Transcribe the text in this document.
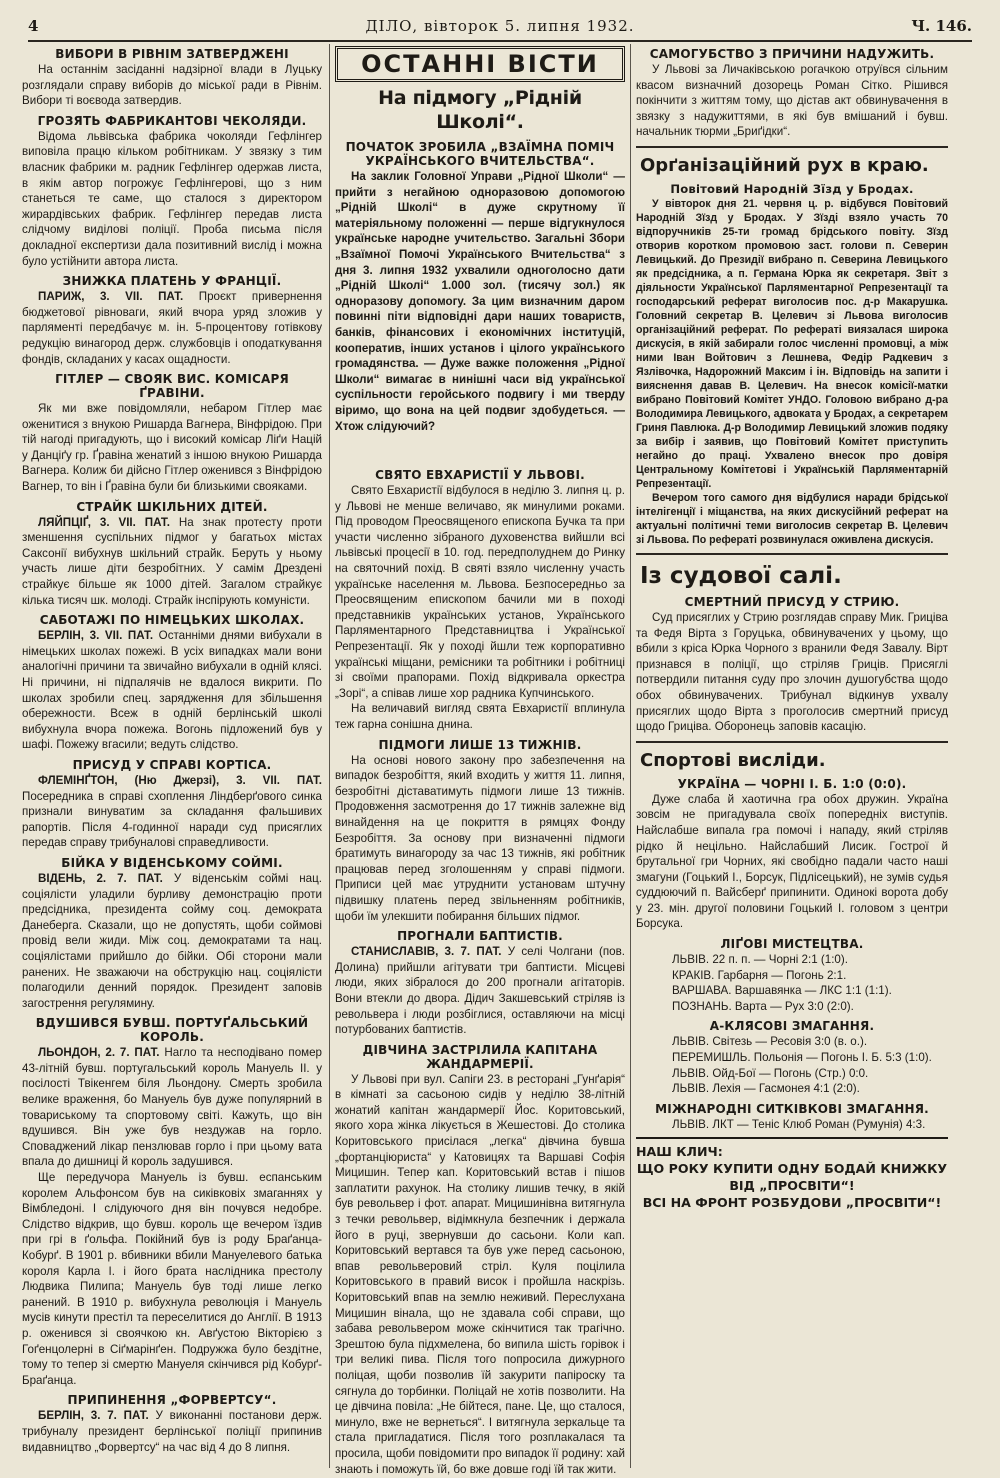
4	ДІЛО, вівторок 5. липня 1932.	Ч. 146.
ВИБОРИ В РІВНІМ ЗАТВЕРДЖЕНІ

На останнім засіданні надзірної влади в Луцьку розглядали справу виборів до міської ради в Рівнім. Вибори ті воєвода затвердив.

ГРОЗЯТЬ ФАБРИКАНТОВІ ЧЕКОЛЯДИ.

Відома львівська фабрика чоколяди Гефлінгер виповіла працю кільком робітникам. У звязку з тим власник фабрики м. радник Гефлінгер одержав листа, в якім автор погрожує Гефлінгерові, що з ним станеться те саме, що сталося з директором жирардівських фабрик. Гефлінгер передав листа слідчому виділові поліції. Проба письма після докладної експертизи дала позитивний вислід і можна було устійнити автора листа.

ЗНИЖКА ПЛАТЕНЬ У ФРАНЦІЇ.

ПАРИЖ, 3. VII. ПАТ. Проєкт привернення бюджетової рівноваги, який вчора уряд зложив у парляменті передбачує м. ін. 5-процентову готівкову редукцію винагород держ. службовців і оподаткування фондів, складаних у касах ощадности.

ГІТЛЕР — СВОЯК ВИС. КОМІСАРЯ ҐРАВІНИ.

Як ми вже повідомляли, небаром Гітлер має оженитися з внукою Ришарда Вагнера, Вінфрідою. При тій нагоді пригадують, що і високий комісар Ліґи Націй у Данціґу гр. Ґравіна женатий з іншою внукою Ришарда Вагнера. Колиж би дійсно Гітлер оженився з Вінфрідою Вагнер, то він і Ґравіна були би близькими свояками.

СТРАЙК ШКІЛЬНИХ ДІТЕЙ.

ЛЯЙПЦІҐ, 3. VII. ПАТ. На знак протесту проти зменшення суспільних підмог у багатьох містах Саксонії вибухнув шкільний страйк. Беруть у ньому участь лише діти безробітних. У самім Дрездені страйкує більше як 1000 дітей. Загалом страйкує кілька тисяч шк. молоді. Страйк інспірують комуністи.

САБОТАЖІ ПО НІМЕЦЬКИХ ШКОЛАХ.

БЕРЛІН, 3. VII. ПАТ. Останніми днями вибухали в німецьких школах пожежі. В усіх випадках мали вони аналогічні причини та звичайно вибухали в одній клясі. Ні причини, ні підпалячів не вдалося викрити. По школах зробили спец. зарядження для збільшення обережности. Всеж в одній берлінській школі вибухнула вчора пожежа. Вогонь підложений був у шафі. Пожежу вгасили; ведуть слідство.

ПРИСУД У СПРАВІ КОРТІСА.

ФЛЕМІНҐТОН, (Ню Джерзі), 3. VII. ПАТ. Посередника в справі схоплення Ліндберґового синка признали винуватим за складання фальшивих рапортів. Після 4-годинної наради суд присяглих передав справу трибуналові справедливости.

БІЙКА У ВІДЕНСЬКОМУ СОЙМІ.

ВІДЕНЬ, 2. 7. ПАТ. У віденськім соймі нац. соціялісти уладили бурливу демонстрацію проти предсідника, президента сойму соц. демократа Данеберга. Сказали, що не допустять, щоби соймові провід вели жиди. Між соц. демократами та нац. соціялістами прийшло до бійки. Обі сторони мали ранених. Не зважаючи на обструкцію нац. соціялісти полагодили денний порядок. Президент заповів загострення регулямину.

ВДУШИВСЯ БУВШ. ПОРТУҐАЛЬСЬКИЙ КОРОЛЬ.

ЛЬОНДОН, 2. 7. ПАТ. Нагло та несподівано помер 43-літній бувш. португальський король Мануель II. у посілості Твікенгем біля Льондону. Смерть зробила велике враження, бо Мануель був дуже популярний в товариському та спортовому світі. Кажуть, що він вдушився. Він уже був нездужав на горло. Споваджений лікар пензлював горло і при цьому вата впала до дишниці й король задушився.

Ще передучора Мануель із бувш. еспанським королем Альфонсом був на сиківковіх змаганнях у Вімбледоні. І слідуючого дня він почувся недобре. Слідство відкрив, що бувш. король ще вечером їздив при грі в ґольфа. Покійний був із роду Браґанца-Кобурґ. В 1901 р. вбивники вбили Мануелевого батька короля Карла І. і його брата наслідника престолу Людвика Пилипа; Мануель був тоді лише легко ранений. В 1910 р. вибухнула революція і Мануель мусів кинути престіл та переселитися до Англії. В 1913 р. оженився зі своячкою кн. Авґустою Вікторією з Гоґенцолерні в Сіґмарінґен. Подружжа було бездітне, тому то тепер зі смертю Мануеля скінчився рід Кобурґ-Браґанца.

ПРИПИНЕННЯ „ФОРВЕРТСУ“.

БЕРЛІН, 3. 7. ПАТ. У виконанні постанови держ. трибуналу президент берлінської поліції припинив видавництво „Форвертсу“ на час від 4 до 8 липня.

ОСТАННІ ВІСТИ
На підмогу „Рідній Школі“.
ПОЧАТОК ЗРОБИЛА „ВЗАЇМНА ПОМІЧ УКРАЇНСЬКОГО ВЧИТЕЛЬСТВА“.

На заклик Головної Управи „Рідної Школи“ — прийти з негайною одноразовою допомогою „Рідній Школі“ в дуже скрутному її матеріяльному положенні — перше відгукнулося українське народне учительство. Загальні Збори „Взаїмної Помочі Українського Вчительства“ з дня 3. липня 1932 ухвалили одноголосно дати „Рідній Школі“ 1.000 зол. (тисячу зол.) як одноразову допомогу. За цим визначним даром повинні піти відповідні дари наших товариств, банків, фінансових і економічних інституцій, кооператив, інших установ і цілого українського громадянства. — Дуже важке положення „Рідної Школи“ вимагає в нинішні часи від української суспільности геройського подвигу і ми тверду віримо, що вона на цей подвиг здобудеться. — Хтож слідуючий?

СВЯТО ЕВХАРИСТІЇ У ЛЬВОВІ.

Свято Евхаристії відбулося в неділю 3. липня ц. р. у Львові не менше величаво, як минулими роками. Під проводом Преосвященого епископа Бучка та при участи численно зібраного духовенства вийшли всі львівські процесії в 10. год. передполуднем до Ринку на святочний похід. В святі взяло численну участь українське населення м. Львова. Безпосередньо за Преосвященим епископом бачили ми в поході представників українських установ, Українського Парляментарного Представництва і Української Репрезентації. Як у поході йшли теж корпоративно українські міщани, ремісники та робітники і робітниці зі своїми прапорами. Похід відкривала оркестра „Зорі“, а співав лише хор радника Купчинського.

На величавий вигляд свята Евхаристії вплинула теж гарна сонішна днина.

ПІДМОГИ ЛИШЕ 13 ТИЖНІВ.

На основі нового закону про забезпечення на випадок безробіття, який входить у життя 11. липня, безробітні діставатимуть підмоги лише 13 тижнів. Продовження засмотрення до 17 тижнів залежне від винайдення на це покриття в рямцях Фонду Безробіття. За основу при визначенні підмоги братимуть винагороду за час 13 тижнів, які робітник працював перед зголошенням у справі підмоги. Приписи цей має утруднити установам штучну підвишку платень перед звільненням робітників, щоби їм улекшити побирання більших підмог.

ПРОГНАЛИ БАПТИСТІВ.

СТАНИСЛАВІВ, 3. 7. ПАТ. У селі Чолгани (пов. Долина) прийшли агітувати три баптисти. Місцеві люди, яких зібралося до 200 прогнали агітаторів. Вони втекли до двора. Дідич Закшевський стріляв із револьвера і люди розбіглися, оставляючи на місці потурбованих баптистів.

ДІВЧИНА ЗАСТРІЛИЛА КАПІТАНА ЖАНДАРМЕРІЇ.

У Львові при вул. Сапіги 23. в ресторані „Гунґарія“ в кімнаті за сасьоною сидів у неділю 38-літній жонатий капітан жандармерії Йос. Коритовський, якого хора жінка лікується в Жешестові. До столика Коритовського присілася „легка“ дівчина бувша „фортанціюриста“ у Катовицях та Варшаві Софія Мицишин. Тепер кап. Коритовський встав і пішов заплатити рахунок. На столику лишив течку, в якій був револьвер і фот. апарат. Мицишинівна витягнула з течки револьвер, відімкнула безпечник і держала його в руці, звернувши до сасьони. Коли кап. Коритовський вертався та був уже перед сасьоною, впав револьверовий стріл. Куля поцілила Коритовського в правий висок і пройшла наскрізь. Коритовський впав на землю неживий. Переслухана Мицишин вінала, що не здавала собі справи, що забава револьвером може скінчитися так трагічно. Зрештою була підхмелена, бо випила шість горівок і три великі пива. Після того попросила дижурного поліцая, щоби позволив їй закурити папіроску та сягнула до торбинки. Поліцай не хотів позволити. На це дівчина повіла: „Не бійтеся, пане. Це, що сталося, минуло, вже не вернеться“. І витягнула зеркальце та стала пригладатися. Після того розплакалася та просила, щоби повідомити про випадок її родину: хай знають і поможуть їй, бо вже довше годі їй так жити.

САМОГУБСТВО З ПРИЧИНИ НАДУЖИТЬ.

У Львові за Личаківською рогачкою отруївся сільним квасом визначний дозорець Роман Сітко. Рішився покінчити з життям тому, що дістав акт обвинувачення в звязку з надужиттями, в які був вмішаний і бувш. начальник тюрми „Бриґідки“.

Орґанізаційний рух в краю.
Повітовий Народній Зїзд у Бродах.

У вівторок дня 21. червня ц. р. відбувся Повітовий Народній Зїзд у Бродах. У Зїзді взяло участь 70 відпоручників 25-ти громад брідського повіту. Зїзд отворив коротком промовою заст. голови п. Северин Левицький. До Президії вибрано п. Северина Левицького як предсідника, а п. Германа Юрка як секретаря. Звіт з діяльности Української Парляментарної Репрезентації та господарський реферат виголосив пос. д-р Макарушка. Головний секретар В. Целевич зі Львова виголосив організаційний реферат. По рефераті виязалася широка дискусія, в якій забирали голос численні промовці, а між ними Іван Войтович з Лешнева, Федір Радкевич з Язлівочка, Надорожний Максим і ін. Відповідь на запити і вияснення давав В. Целевич. На внесок комісії-матки вибрано Повітовий Комітет УНДО. Головою вибрано д-ра Володимира Левицького, адвоката у Бродах, а секретарем Гриня Павлюка. Д-р Володимир Левицький зложив подяку за вибір і заявив, що Повітовий Комітет приступить негайно до праці. Ухвалено внесок про довіря Центральному Комітетові і Українській Парляментарній Репрезентації.

Вечером того самого дня відбулися наради брідської інтелігенції і міщанства, на яких дискусійний реферат на актуальні політичні теми виголосив секретар В. Целевич зі Львова. По рефераті розвинулася оживлена дискусія.

Із судової салі.
СМЕРТНИЙ ПРИСУД У СТРИЮ.

Суд присяглих у Стрию розглядав справу Мик. Гриціва та Федя Вірта з Горуцька, обвинувачених у цьому, що вбили з кріса Юрка Чорного з вранили Федя Завалу. Вірт признався в поліції, що стріляв Гриців. Присяглі потвердили питання суду про злочин душогубства щодо обох обвинувачених. Трибунал відкинув ухвалу присяглих щодо Вірта з проголосив смертний присуд щодо Гриціва. Оборонець заповів касацію.

Спортові висліди.
УКРАЇНА — ЧОРНІ І. Б. 1:0 (0:0).

Дуже слаба й хаотична гра обох дружин. Україна зовсім не пригадувала своїх попередніх виступів. Найслабше випала гра помочі і нападу, який стріляв рідко й нецільно. Найслабший Лисик. Гострої й брутальної гри Чорних, які свобідно падали часто наші змагуни (Гоцький І., Борсук, Підлісецький), не зумів судья суддюючий п. Вайсберґ припинити. Одинокі ворота добу у 23. мін. другої половини Гоцький І. головом з центри Борсука.

ЛІҐОВІ МИСТЕЦТВА.

ЛЬВІВ. 22 п. п. — Чорні 2:1 (1:0).

КРАКІВ. Гарбарня — Погонь 2:1.

ВАРШАВА. Варшавянка — ЛКС 1:1 (1:1).

ПОЗНАНЬ. Варта — Рух 3:0 (2:0).

А-КЛЯСОВІ ЗМАГАННЯ.

ЛЬВІВ. Світезь — Ресовія 3:0 (в. о.).

ПЕРЕМИШЛЬ. Польонія — Погонь І. Б. 5:3 (1:0).

ЛЬВІВ. Ойд-Бої — Погонь (Стр.) 0:0.

ЛЬВІВ. Лехія — Гасмонея 4:1 (2:0).

МІЖНАРОДНІ СИТКІВКОВІ ЗМАГАННЯ.

ЛЬВІВ. ЛКТ — Теніс Клюб Роман (Румунія) 4:3.

НАШ КЛИЧ:
ЩО РОКУ КУПИТИ ОДНУ БОДАЙ КНИЖКУ ВІД „ПРОСВІТИ“!
ВСІ НА ФРОНТ РОЗБУДОВИ „ПРОСВІТИ“!
